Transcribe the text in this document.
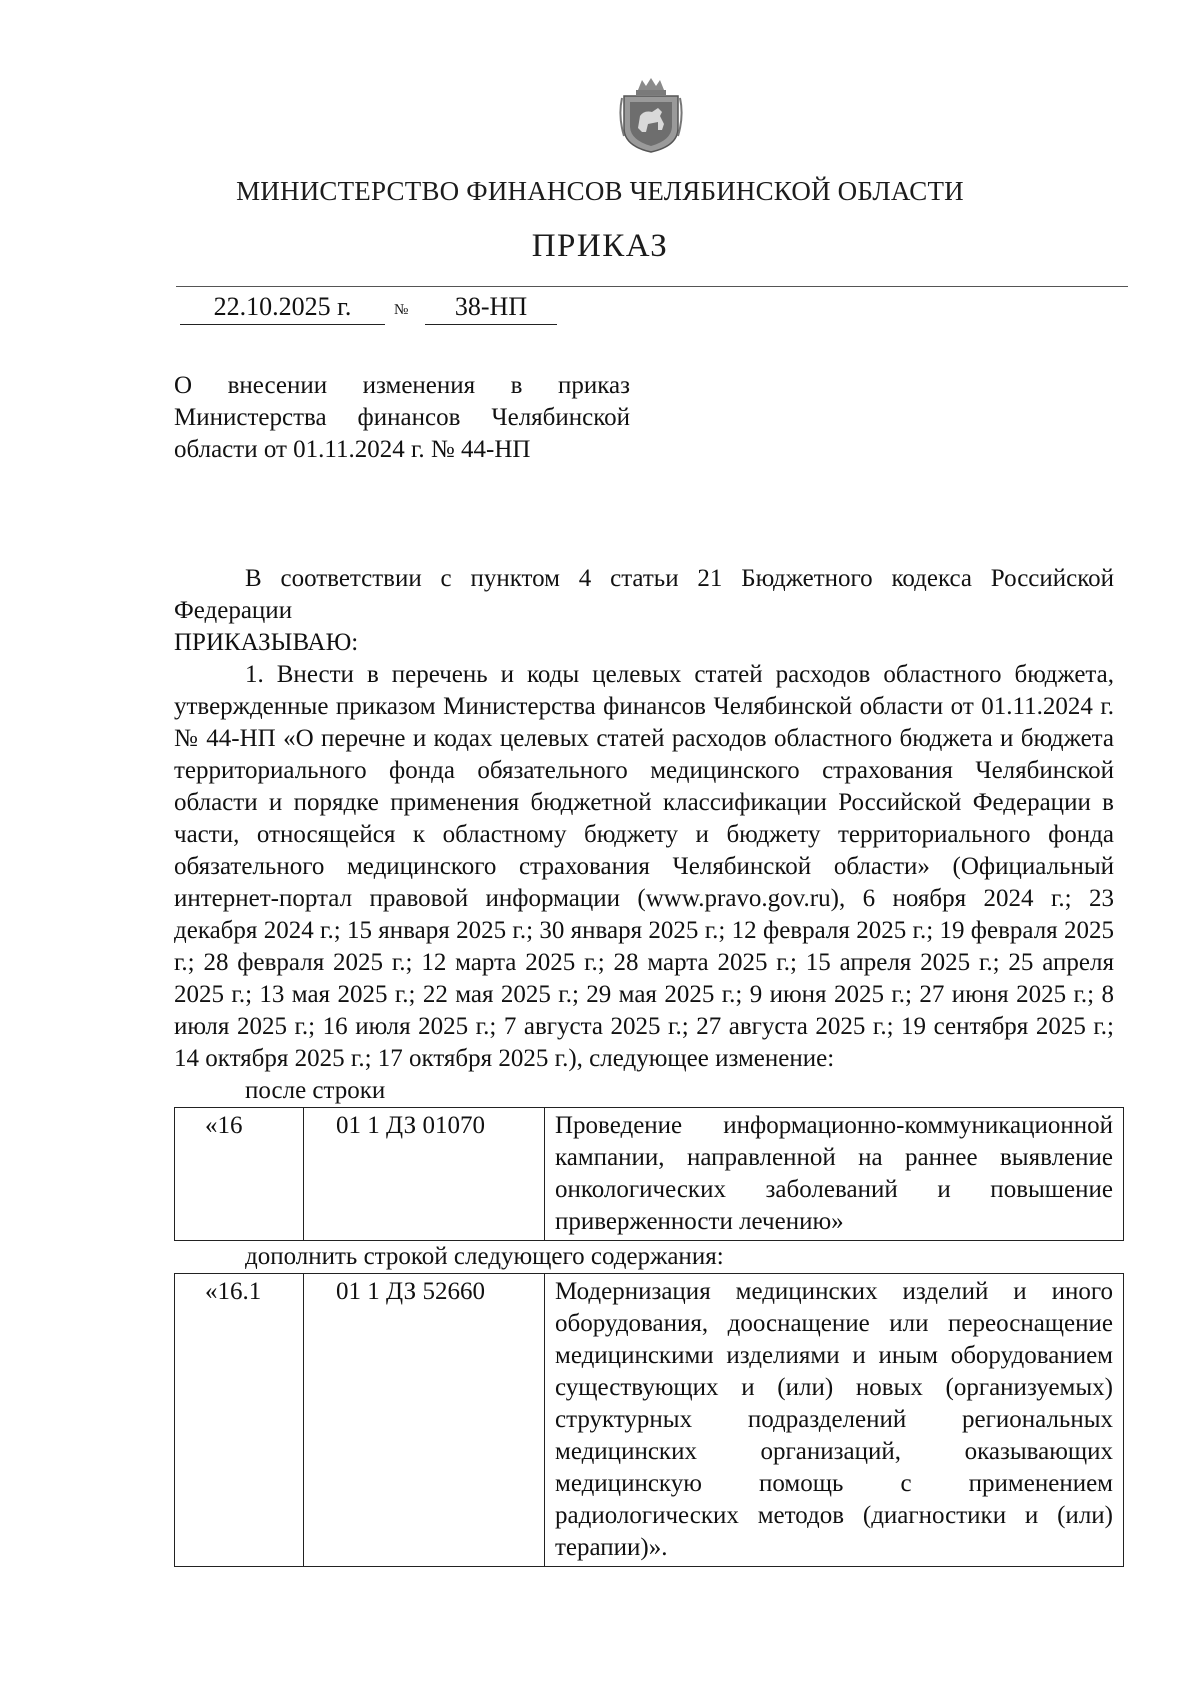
МИНИСТЕРСТВО ФИНАНСОВ ЧЕЛЯБИНСКОЙ ОБЛАСТИ
ПРИКАЗ
22.10.2025 г.	№	38-НП
О внесении изменения в приказ Министерства финансов Челябинской области от 01.11.2024 г. № 44-НП

В соответствии с пунктом 4 статьи 21 Бюджетного кодекса Российской Федерации

ПРИКАЗЫВАЮ:

1. Внести в перечень и коды целевых статей расходов областного бюджета, утвержденные приказом Министерства финансов Челябинской области от 01.11.2024 г. № 44-НП «О перечне и кодах целевых статей расходов областного бюджета и бюджета территориального фонда обязательного медицинского страхования Челябинской области и порядке применения бюджетной классификации Российской Федерации в части, относящейся к областному бюджету и бюджету территориального фонда обязательного медицинского страхования Челябинской области» (Официальный интернет-портал правовой информации (www.pravo.gov.ru), 6 ноября 2024 г.; 23 декабря 2024 г.; 15 января 2025 г.; 30 января 2025 г.; 12 февраля 2025 г.; 19 февраля 2025 г.; 28 февраля 2025 г.; 12 марта 2025 г.; 28 марта 2025 г.; 15 апреля 2025 г.; 25 апреля 2025 г.; 13 мая 2025 г.; 22 мая 2025 г.; 29 мая 2025 г.; 9 июня 2025 г.; 27 июня 2025 г.; 8 июля 2025 г.; 16 июля 2025 г.; 7 августа 2025 г.; 27 августа 2025 г.; 19 сентября 2025 г.; 14 октября 2025 г.; 17 октября 2025 г.), следующее изменение:

после строки

«16	01 1 ДЗ 01070	Проведение информационно-коммуникационной кампании, направленной на раннее выявление онкологических заболеваний и повышение приверженности лечению»

дополнить строкой следующего содержания:

«16.1	01 1 ДЗ 52660	Модернизация медицинских изделий и иного оборудования, дооснащение или переоснащение медицинскими изделиями и иным оборудованием существующих и (или) новых (организуемых) структурных подразделений региональных медицинских организаций, оказывающих медицинскую помощь с применением радиологических методов (диагностики и (или) терапии)».
